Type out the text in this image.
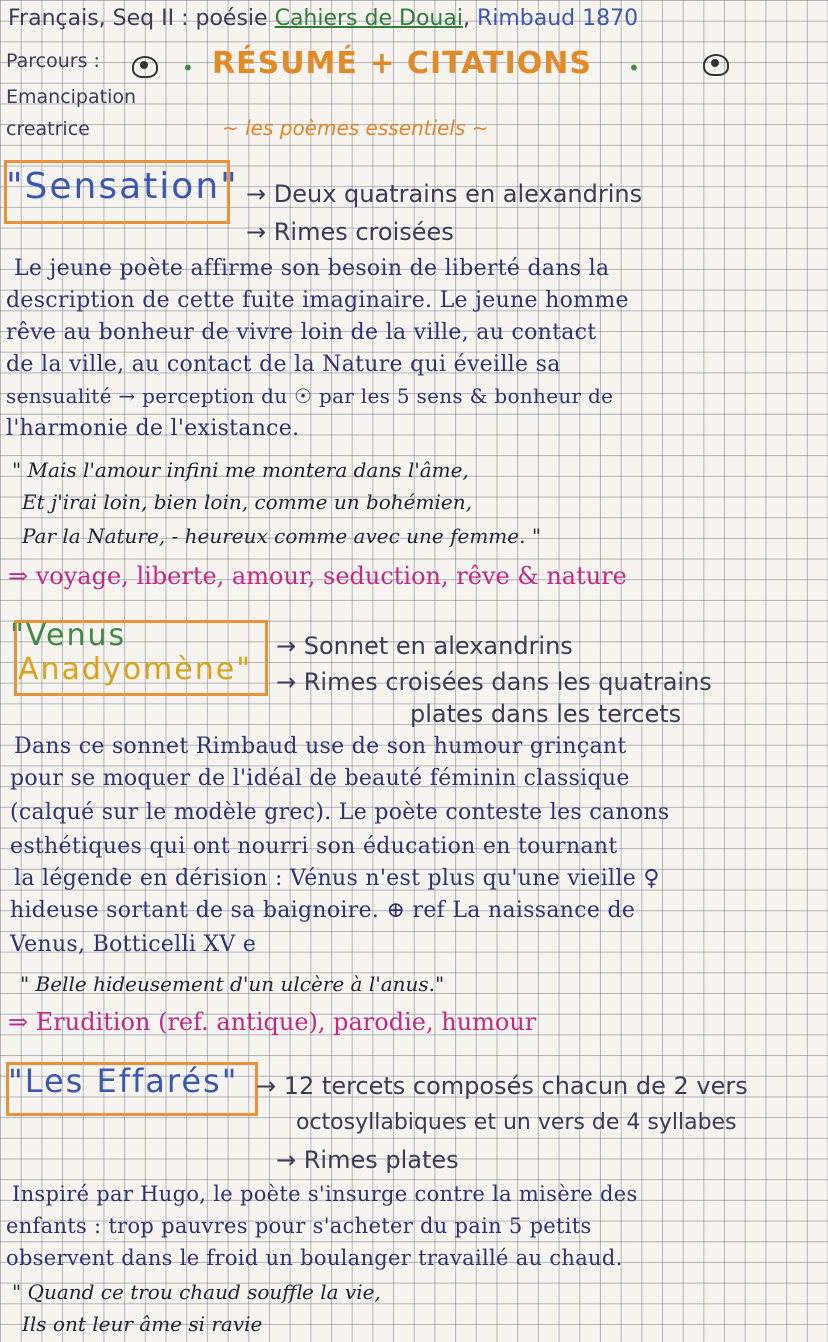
Français, Seq II : poésie Cahiers de Douai, Rimbaud 1870
Parcours :
Emancipation
creatrice

• RÉSUMÉ + CITATIONS •
~ les poèmes essentiels ~
"Sensation" → Deux quatrains en alexandrins
→ Rimes croisées
Le jeune poète affirme son besoin de liberté dans la
description de cette fuite imaginaire. Le jeune homme
rêve au bonheur de vivre loin de la ville, au contact
de la ville, au contact de la Nature qui éveille sa
sensualité → perception du ☉ par les 5 sens & bonheur de
l'harmonie de l'existance.
" Mais l'amour infini me montera dans l'âme,
Et j'irai loin, bien loin, comme un bohémien,
Par la Nature, - heureux comme avec une femme. "
⇒ voyage, liberte, amour, seduction, rêve & nature
"Venus
Anadyomène"
→ Sonnet en alexandrins
→ Rimes croisées dans les quatrains
plates dans les tercets
Dans ce sonnet Rimbaud use de son humour grinçant
pour se moquer de l'idéal de beauté féminin classique
(calqué sur le modèle grec). Le poète conteste les canons
esthétiques qui ont nourri son éducation en tournant
la légende en dérision : Vénus n'est plus qu'une vieille ♀
hideuse sortant de sa baignoire. ⊕ ref La naissance de
Venus, Botticelli XV e
" Belle hideusement d'un ulcère à l'anus."
⇒ Erudition (ref. antique), parodie, humour
"Les Effarés" → 12 tercets composés chacun de 2 vers
octosyllabiques et un vers de 4 syllabes
→ Rimes plates
Inspiré par Hugo, le poète s'insurge contre la misère des
enfants : trop pauvres pour s'acheter du pain 5 petits
observent dans le froid un boulanger travaillé au chaud.
" Quand ce trou chaud souffle la vie,
Ils ont leur âme si ravie
